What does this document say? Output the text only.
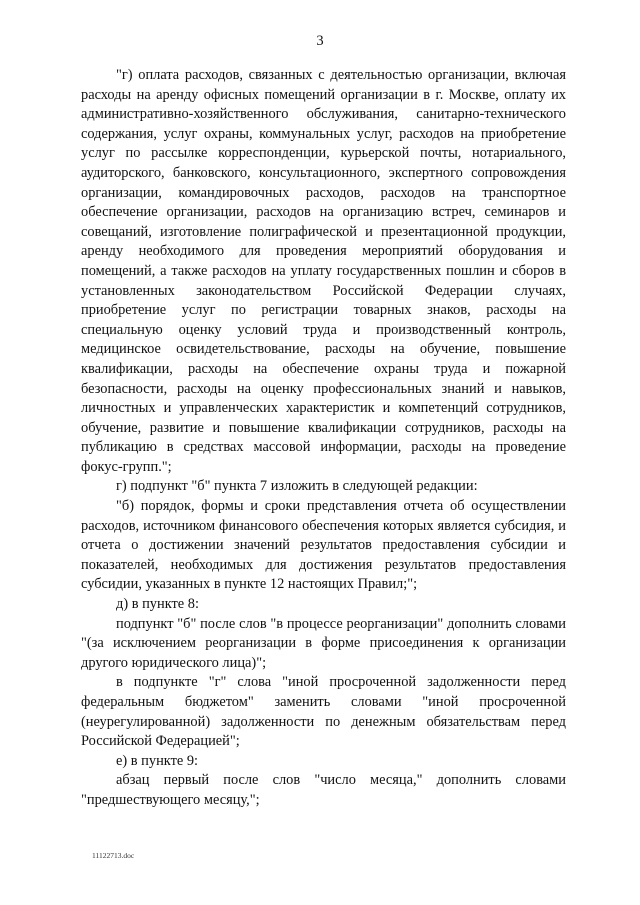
3

"г) оплата расходов, связанных с деятельностью организации, включая расходы на аренду офисных помещений организации в г. Москве, оплату их административно-хозяйственного обслуживания, санитарно-технического содержания, услуг охраны, коммунальных услуг, расходов на приобретение услуг по рассылке корреспонденции, курьерской почты, нотариального, аудиторского, банковского, консультационного, экспертного сопровождения организации, командировочных расходов, расходов на транспортное обеспечение организации, расходов на организацию встреч, семинаров и совещаний, изготовление полиграфической и презентационной продукции, аренду необходимого для проведения мероприятий оборудования и помещений, а также расходов на уплату государственных пошлин и сборов в установленных законодательством Российской Федерации случаях, приобретение услуг по регистрации товарных знаков, расходы на специальную оценку условий труда и производственный контроль, медицинское освидетельствование, расходы на обучение, повышение квалификации, расходы на обеспечение охраны труда и пожарной безопасности, расходы на оценку профессиональных знаний и навыков, личностных и управленческих характеристик и компетенций сотрудников, обучение, развитие и повышение квалификации сотрудников, расходы на публикацию в средствах массовой информации, расходы на проведение фокус-групп.";

г) подпункт "б" пункта 7 изложить в следующей редакции:

"б) порядок, формы и сроки представления отчета об осуществлении расходов, источником финансового обеспечения которых является субсидия, и отчета о достижении значений результатов предоставления субсидии и показателей, необходимых для достижения результатов предоставления субсидии, указанных в пункте 12 настоящих Правил;";

д) в пункте 8:

подпункт "б" после слов "в процессе реорганизации" дополнить словами "(за исключением реорганизации в форме присоединения к организации другого юридического лица)";

в подпункте "г" слова "иной просроченной задолженности перед федеральным бюджетом" заменить словами "иной просроченной (неурегулированной) задолженности по денежным обязательствам перед Российской Федерацией";

е) в пункте 9:

абзац первый после слов "число месяца," дополнить словами "предшествующего месяцу,";

11122713.doc
